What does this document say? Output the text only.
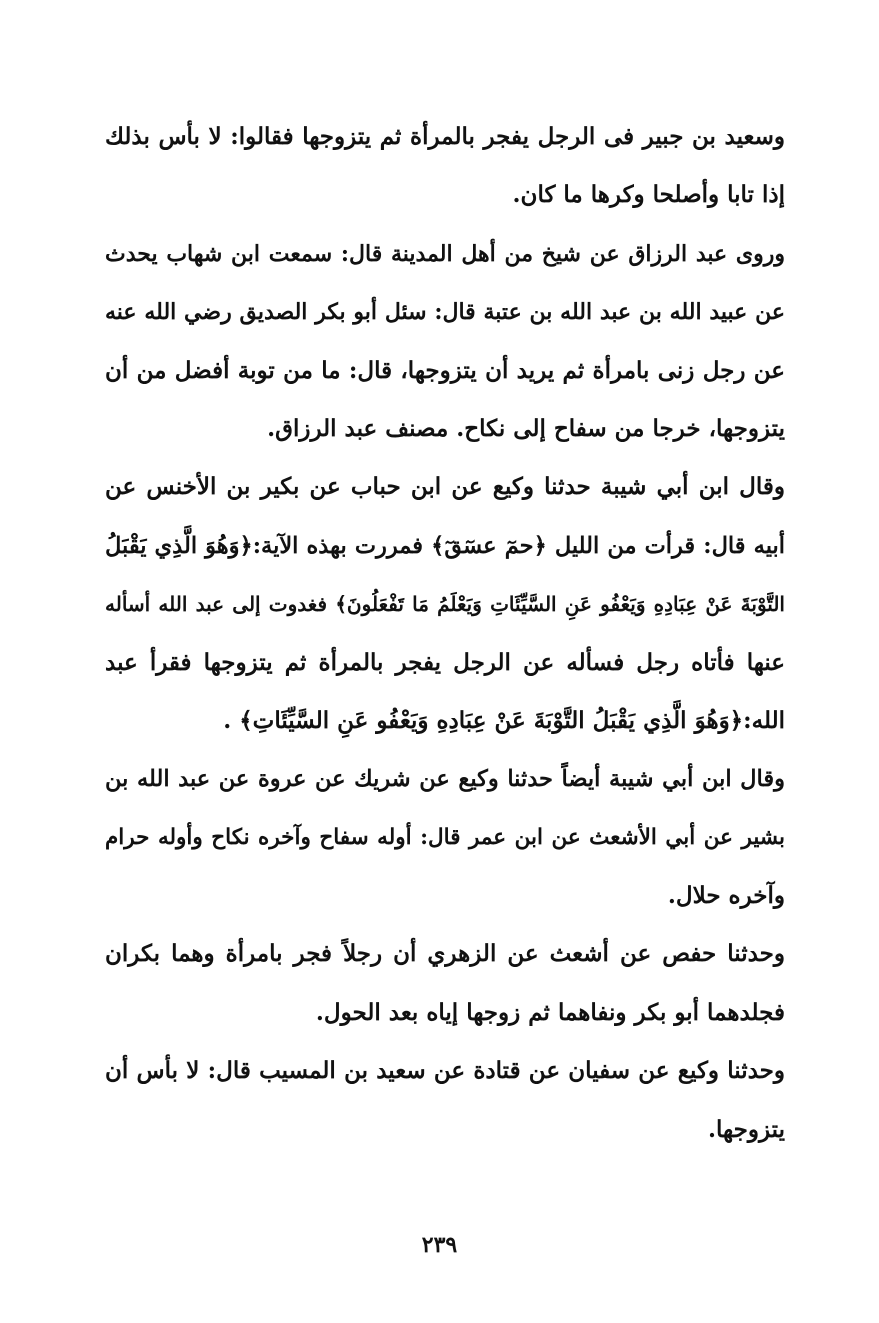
وسعيد بن جبير فى الرجل يفجر بالمرأة ثم يتزوجها فقالوا: لا بأس بذلك
إذا تابا وأصلحا وكرها ما كان.
وروى عبد الرزاق عن شيخ من أهل المدينة قال: سمعت ابن شهاب يحدث
عن عبيد الله بن عبد الله بن عتبة قال: سئل أبو بكر الصديق رضي الله عنه
عن رجل زنى بامرأة ثم يريد أن يتزوجها، قال: ما من توبة أفضل من أن
يتزوجها، خرجا من سفاح إلى نكاح. مصنف عبد الرزاق.
وقال ابن أبي شيبة حدثنا وكيع عن ابن حباب عن بكير بن الأخنس عن
أبيه قال: قرأت من الليل ﴿حمٓ عسٓقٓ﴾ فمررت بهذه الآية:﴿وَهُوَ الَّذِي يَقْبَلُ
التَّوْبَةَ عَنْ عِبَادِهِ وَيَعْفُو عَنِ السَّيِّئَاتِ وَيَعْلَمُ مَا تَفْعَلُونَ﴾ فغدوت إلى عبد الله أسأله
عنها فأتاه رجل فسأله عن الرجل يفجر بالمرأة ثم يتزوجها فقرأ عبد
الله:﴿وَهُوَ الَّذِي يَقْبَلُ التَّوْبَةَ عَنْ عِبَادِهِ وَيَعْفُو عَنِ السَّيِّئَاتِ﴾ .
وقال ابن أبي شيبة أيضاً حدثنا وكيع عن شريك عن عروة عن عبد الله بن
بشير عن أبي الأشعث عن ابن عمر قال: أوله سفاح وآخره نكاح وأوله حرام
وآخره حلال.
وحدثنا حفص عن أشعث عن الزهري أن رجلاً فجر بامرأة وهما بكران
فجلدهما أبو بكر ونفاهما ثم زوجها إياه بعد الحول.
وحدثنا وكيع عن سفيان عن قتادة عن سعيد بن المسيب قال: لا بأس أن
يتزوجها.
٢٣٩
